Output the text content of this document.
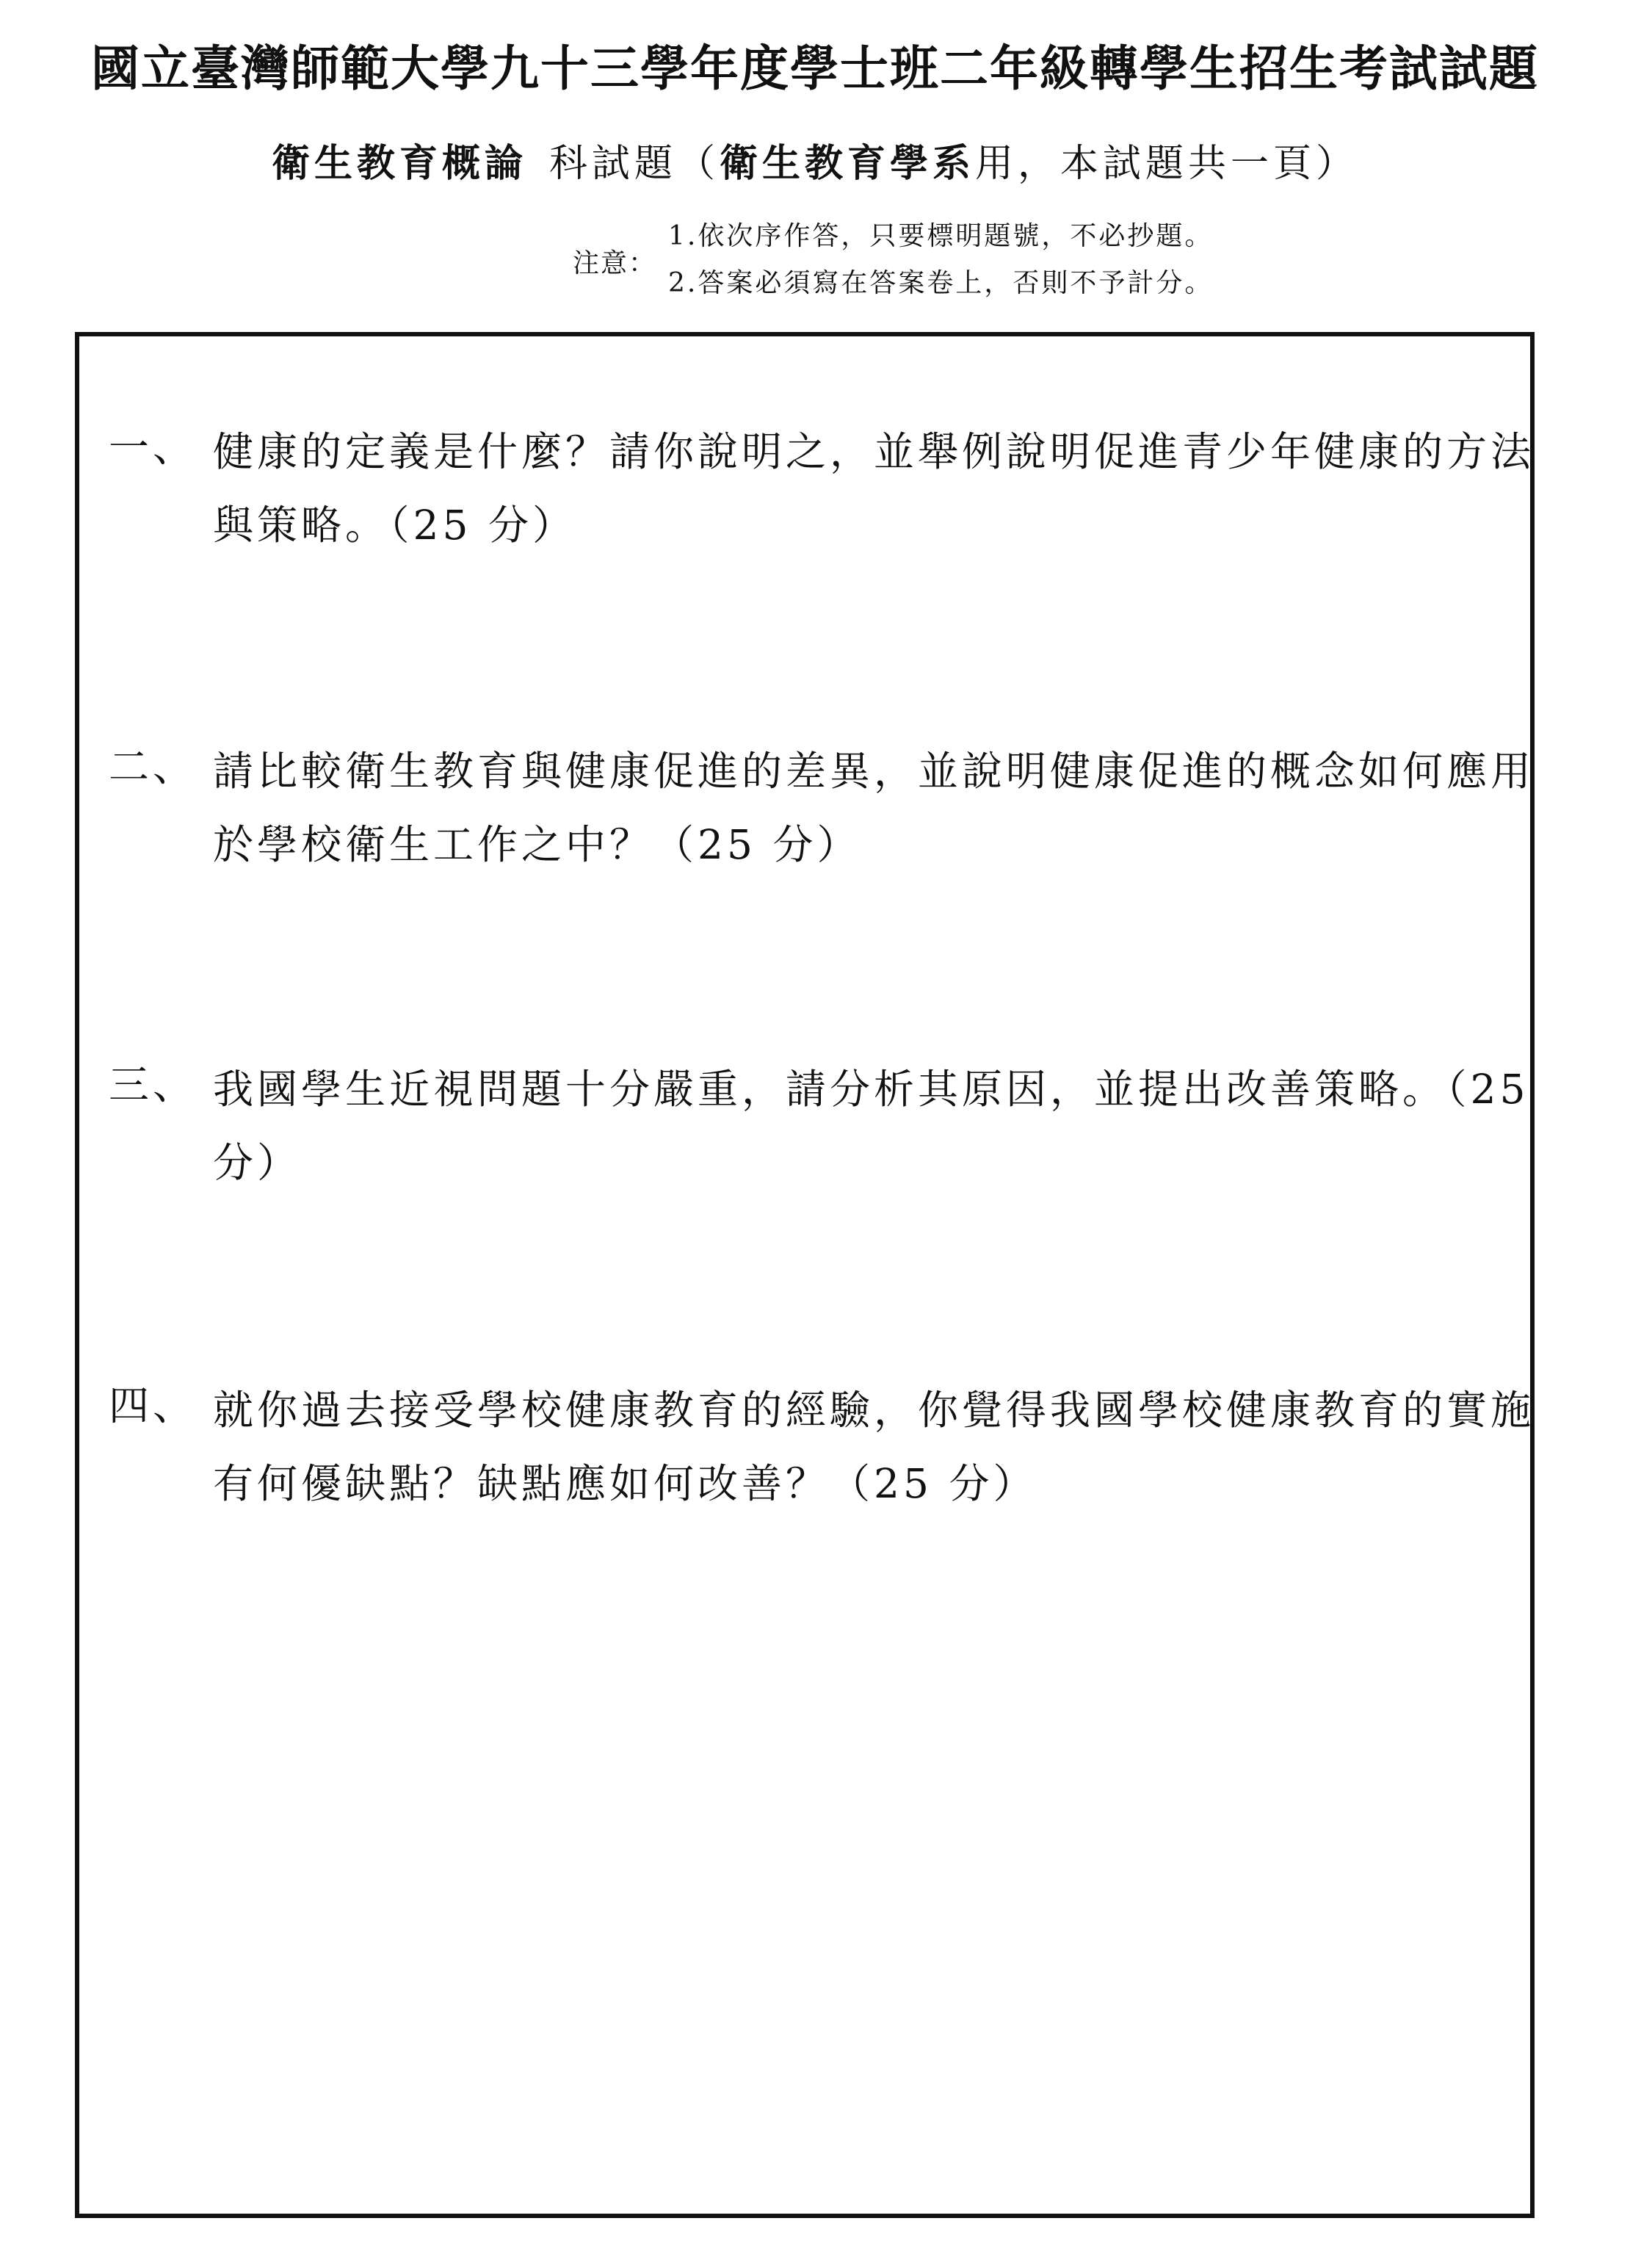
國立臺灣師範大學九十三學年度學士班二年級轉學生招生考試試題
衛生教育概論 科試題（衛生教育學系用，本試題共一頁）
注意：
1.依次序作答，只要標明題號，不必抄題。
2.答案必須寫在答案卷上，否則不予計分。
一、 健康的定義是什麼？請你說明之，並舉例說明促進青少年健康的方法與策略。（25 分）
二、 請比較衛生教育與健康促進的差異，並說明健康促進的概念如何應用於學校衛生工作之中？（25 分）
三、 我國學生近視問題十分嚴重，請分析其原因，並提出改善策略。（25 分）
四、 就你過去接受學校健康教育的經驗，你覺得我國學校健康教育的實施有何優缺點？缺點應如何改善？（25 分）
